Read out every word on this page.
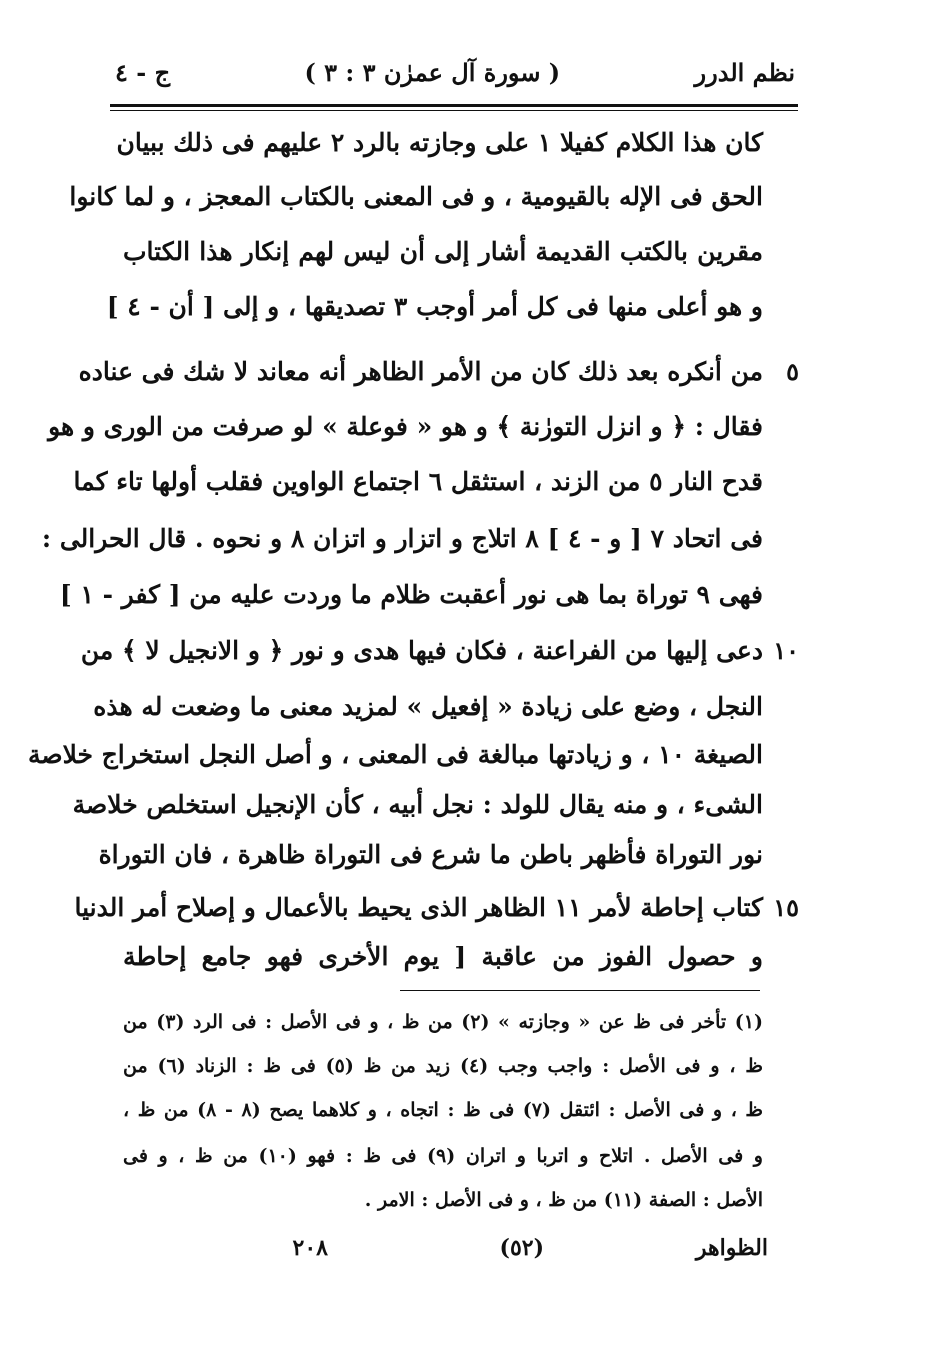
نظم الدرر
( سورة آل عمرٰن ٣ : ٣ )
ج - ٤

كان هذا الكلام كفيلا ١ على وجازته بالرد ٢ عليهم فى ذلك ببيان

الحق فى الإله بالقيومية ، و فى المعنى بالكتاب المعجز ، و لما كانوا

مقرين بالكتب القديمة أشار إلى أن ليس لهم إنكار هذا الكتاب

و هو أعلى منها فى كل أمر أوجب ٣ تصديقها ، و إلى [ أن - ٤ ]

٥

من أنكره بعد ذلك كان من الأمر الظاهر أنه معاند لا شك فى عناده

فقال : ﴿ و انزل التورٰنة ﴾ و هو « فوعلة » لو صرفت من الورى و هو

قدح النار ٥ من الزند ، استثقل ٦ اجتماع الواوين فقلب أولها تاء كما

فى اتحاد ٧ [ و - ٤ ] ٨ اتلاج و اتزار و اتزان ٨ و نحوه . قال الحرالى :

فهى ٩ توراة بما هى نور أعقبت ظلام ما وردت عليه من [ كفر - ١ ]

١٠

دعى إليها من الفراعنة ، فكان فيها هدى و نور ﴿ و الانجيل لا ﴾ من

النجل ، وضع على زيادة « إفعيل » لمزيد معنى ما وضعت له هذه

الصيغة ١٠ ، و زيادتها مبالغة فى المعنى ، و أصل النجل استخراج خلاصة

الشىء ، و منه يقال للولد : نجل أبيه ، كأن الإنجيل استخلص خلاصة

نور التوراة فأظهر باطن ما شرع فى التوراة ظاهرة ، فان التوراة

١٥

كتاب إحاطة لأمر ١١ الظاهر الذى يحيط بالأعمال و إصلاح أمر الدنيا

و حصول الفوز من عاقبة [ يوم الأخرى فهو جامع إحاطة

(١) تأخر فى ظ عن « وجازته » (٢) من ظ ، و فى الأصل : فى الرد (٣) من

ظ ، و فى الأصل : واجب وجب (٤) زيد من ظ (٥) فى ظ : الزناد (٦) من

ظ ، و فى الأصل : ائتقل (٧) فى ظ : اتجاه ، و كلاهما يصح (٨ - ٨) من ظ ،

و فى الأصل . اتلاح و اتربا و اتران (٩) فى ظ : فهو (١٠) من ظ ، و فى

الأصل : الصفة (١١) من ظ ، و فى الأصل : الامر .

الظواهر
(٥٢)
٢٠٨
